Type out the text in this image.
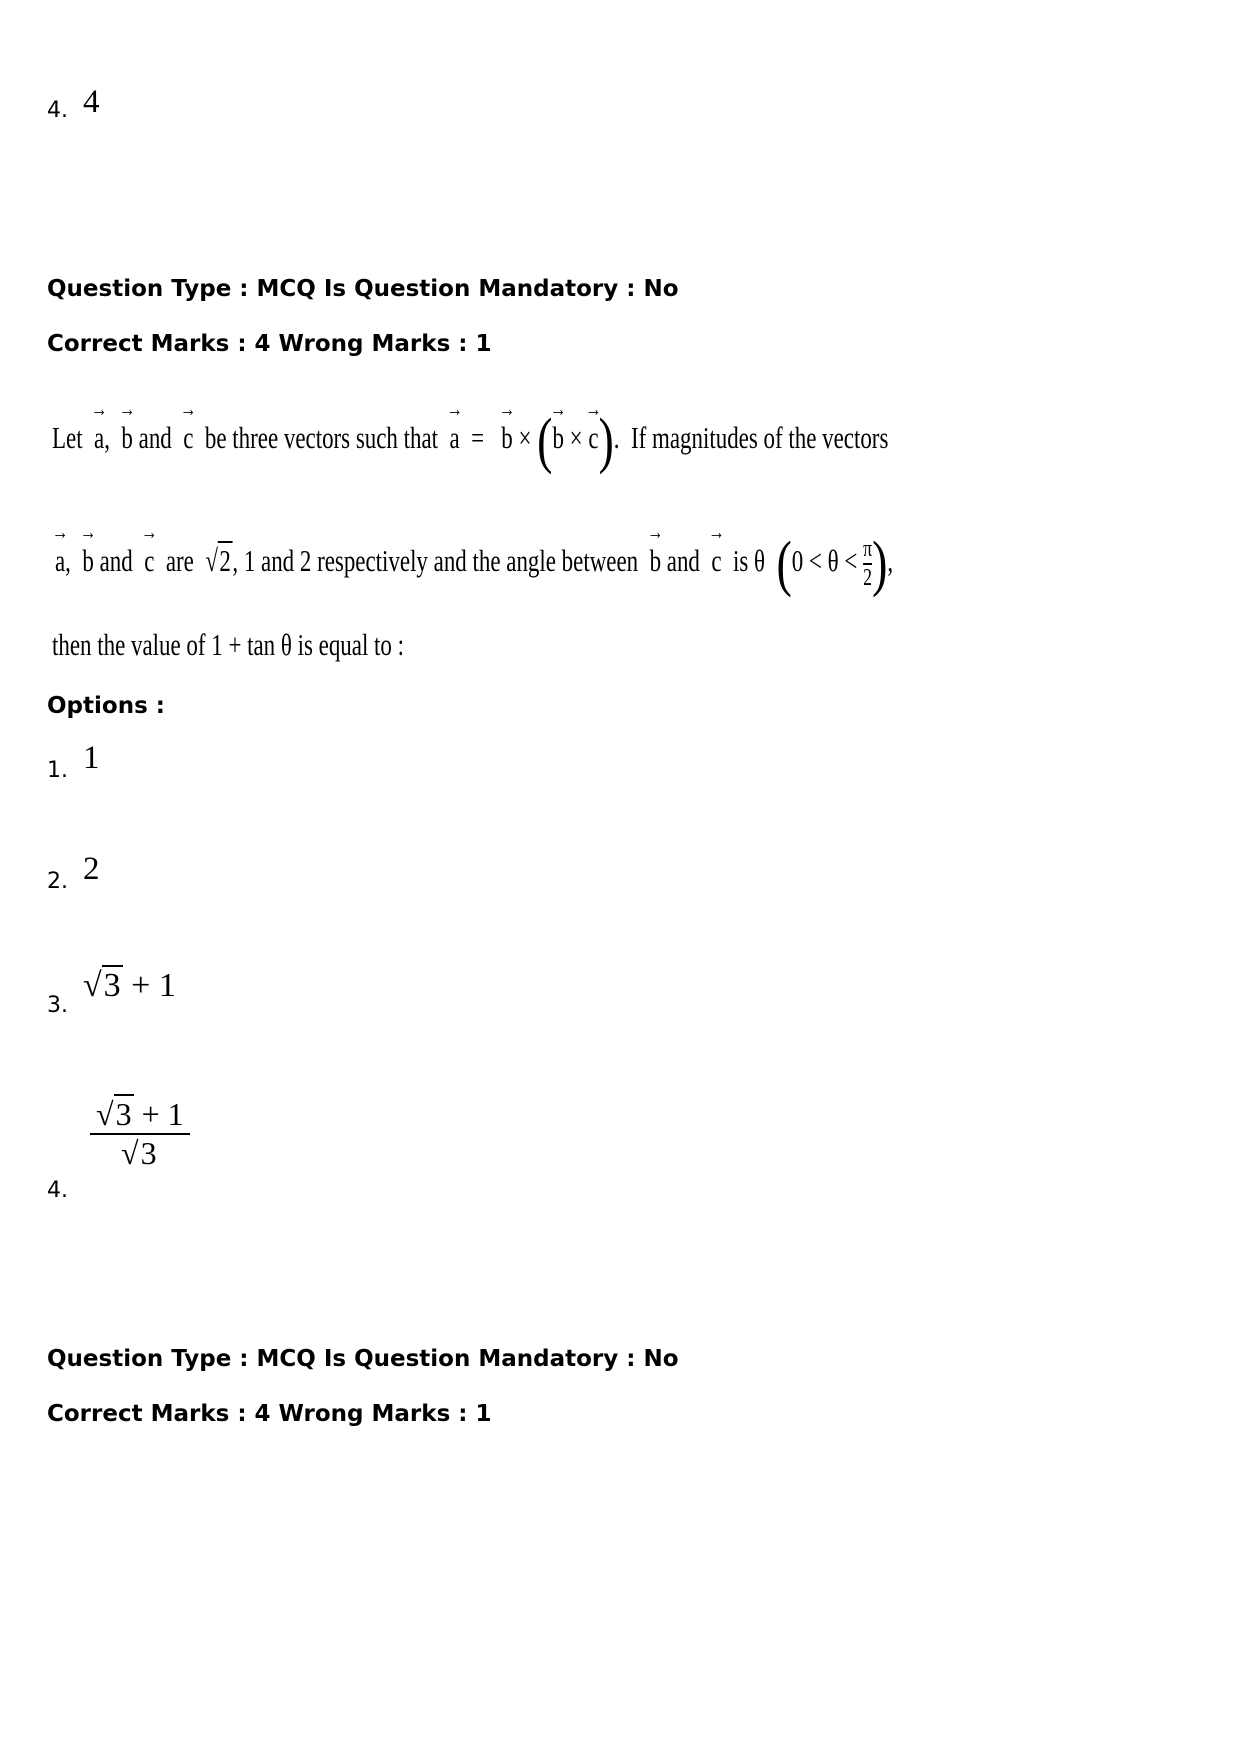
4. 4
Question Type : MCQ Is Question Mandatory : No
Correct Marks : 4 Wrong Marks : 1
Let
→
a,
→
b and
→
c be three vectors such that
→
a =
→
b × (
→
b ×
→
c). If magnitudes of the vectors
→
a,
→
b and
→
c are √2, 1 and 2 respectively and the angle between
→
b and
→
c is θ ($0 < \theta < \frac{\pi}{2}$ ),
then the value of 1 + tan θ is equal to :
Options :
1. 1
2. 2
3.
√3 + 1
4.
√3 + 1
√3
Question Type : MCQ Is Question Mandatory : No
Correct Marks : 4 Wrong Marks : 1
